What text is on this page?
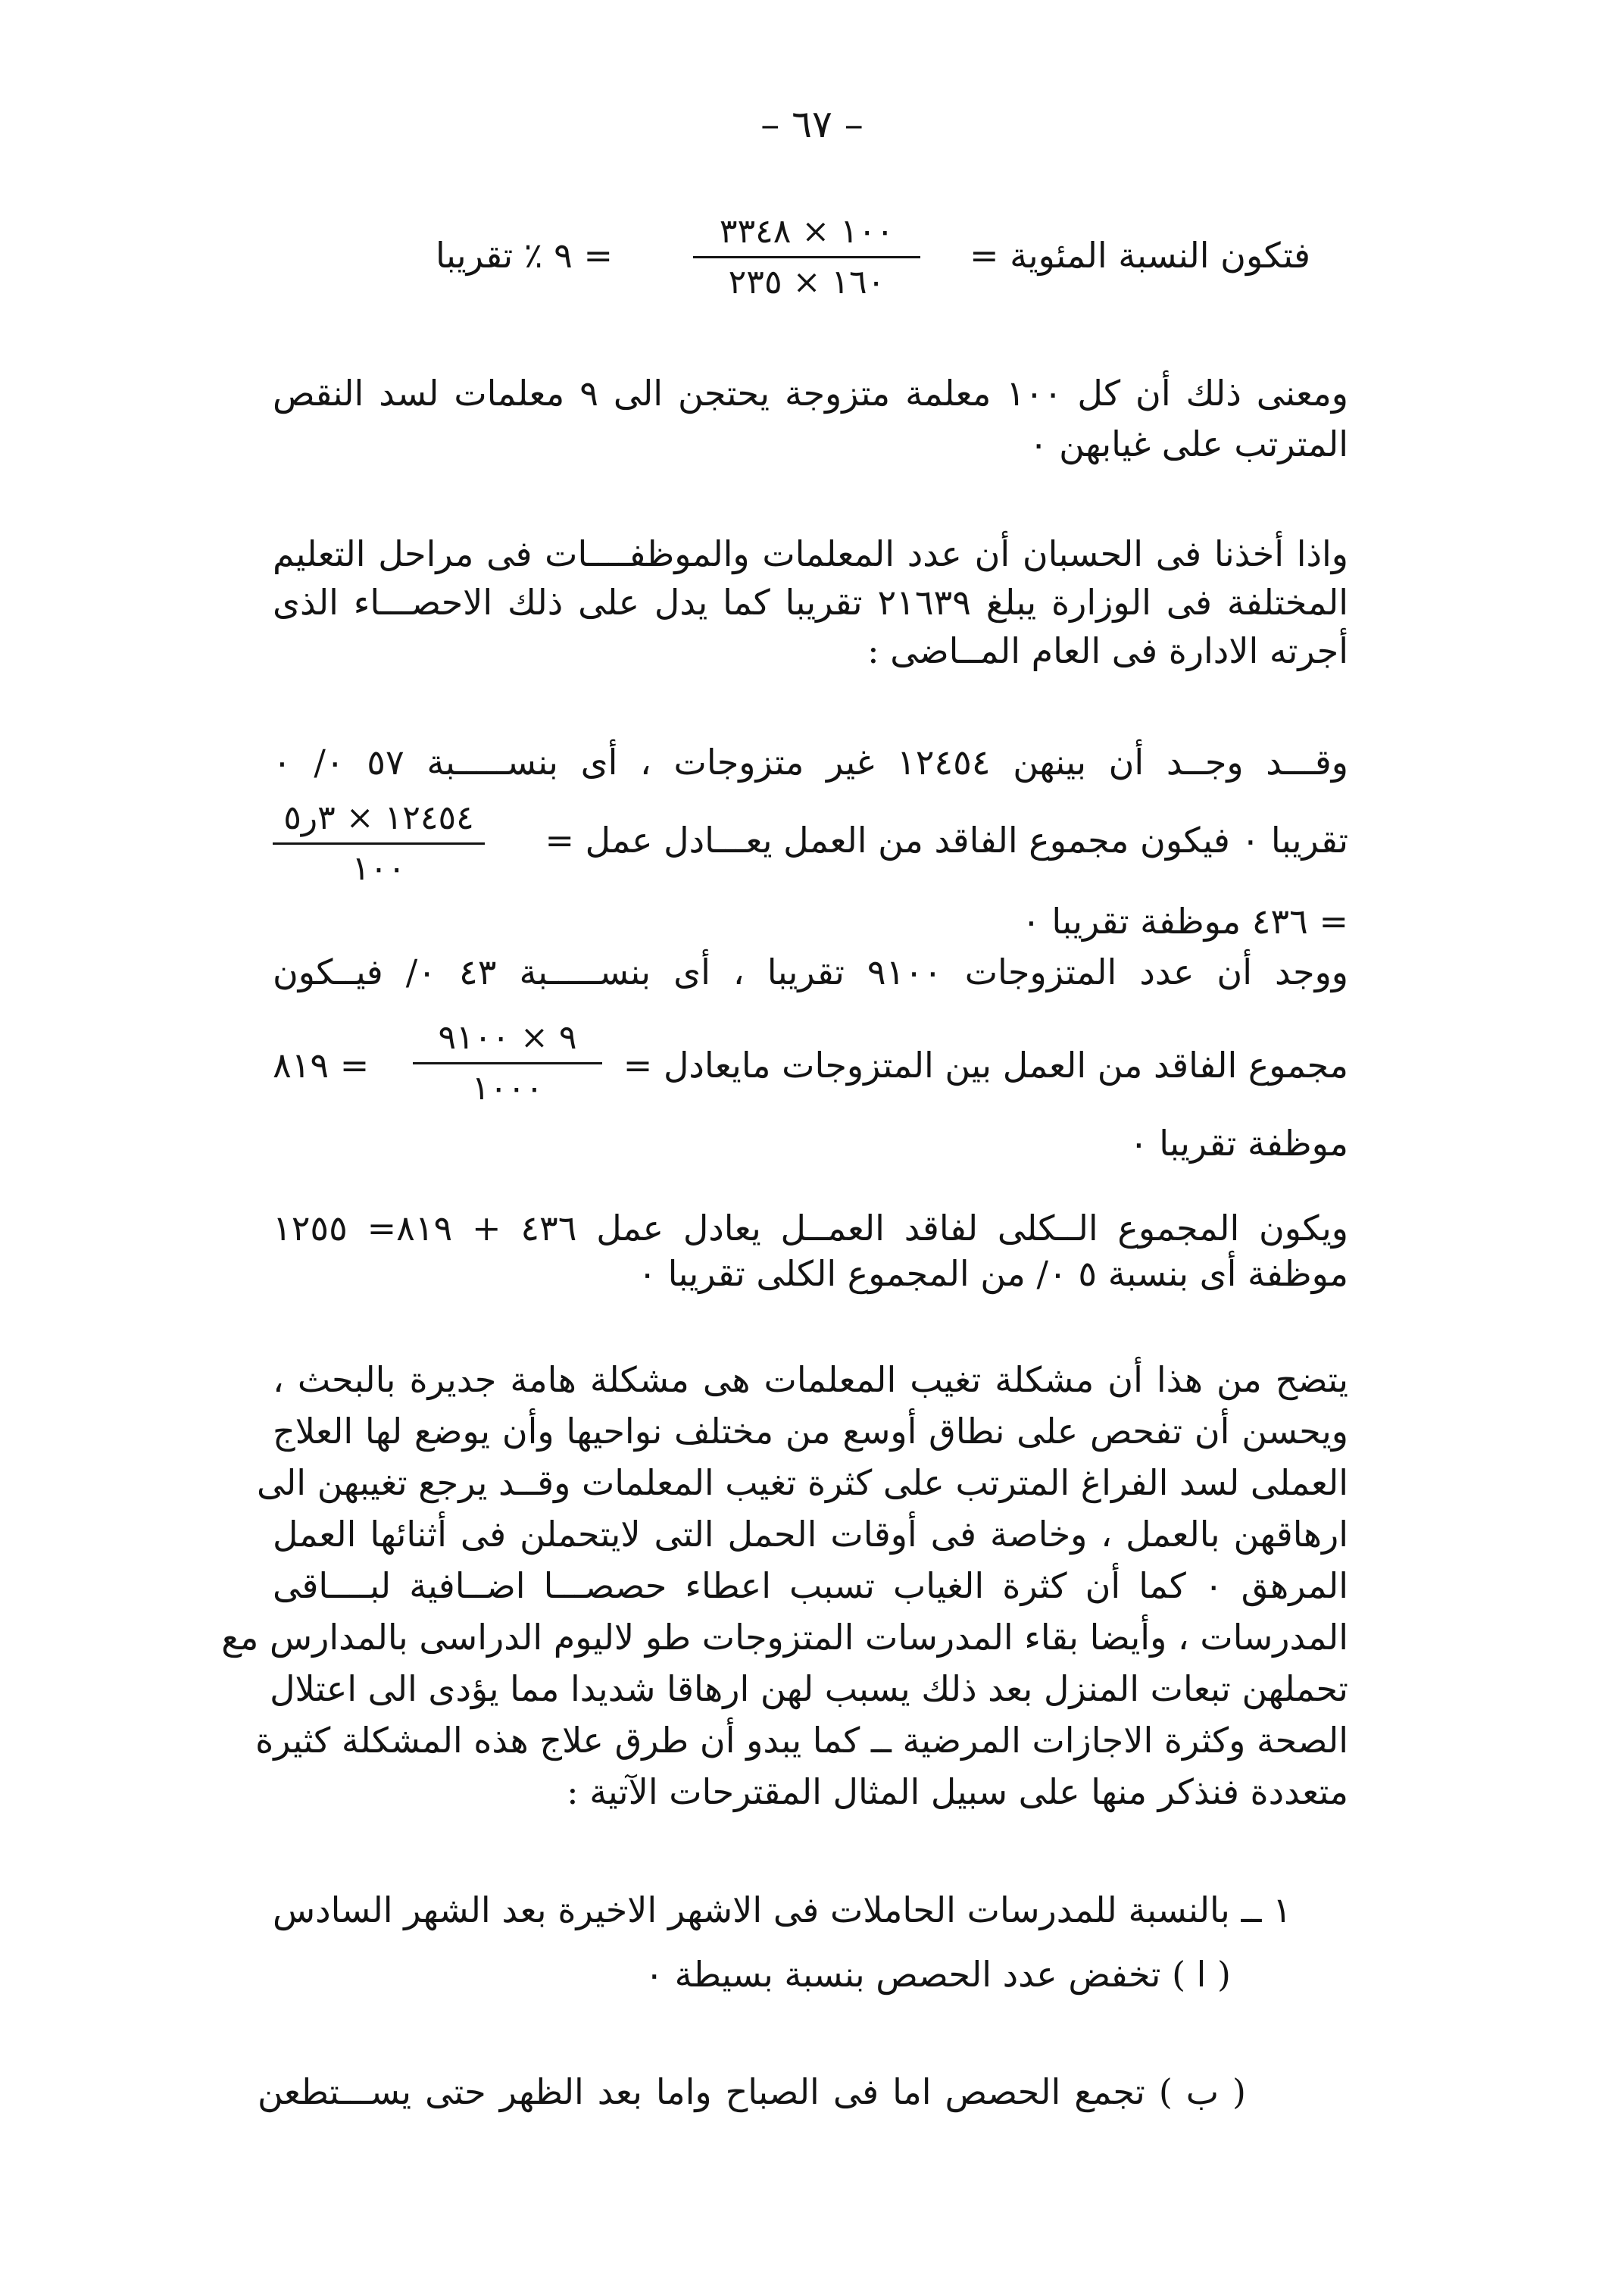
– ٦٧ –
فتكون النسبة المئوية =
١٠٠ × ٣٣٤٨
١٦٠ × ٢٣٥
= ٩ ٪ تقريبا
ومعنى ذلك أن كل ١٠٠ معلمة متزوجة يحتجن الى ٩ معلمات لسد النقص
المترتب على غيابهن ٠
واذا أخذنا فى الحسبان أن عدد المعلمات والموظفــــات فى مراحل التعليم
المختلفة فى الوزارة يبلغ ٢١٦٣٩ تقريبا كما يدل على ذلك الاحصـــاء الذى
أجرته الادارة فى العام المــاضى :
وقـــد وجــد أن بينهن ١٢٤٥٤ غير متزوجات ، أى بنســـــبة ٥٧ ٠/ ٠
تقريبا ٠ فيكون مجموع الفاقد من العمل يعـــادل عمل =
١٢٤٥٤ × ٣ر٥
١٠٠
= ٤٣٦ موظفة تقريبا ٠
ووجد أن عدد المتزوجات ٩١٠٠ تقريبا ، أى بنســـــبة ٤٣ ٠/ فيــكون
مجموع الفاقد من العمل بين المتزوجات مايعادل =
٩ × ٩١٠٠
١٠٠٠
= ٨١٩
موظفة تقريبا ٠
ويكون المجموع الــكلى لفاقد العمــل يعادل عمل ٤٣٦ + ٨١٩= ١٢٥٥
موظفة أى بنسبة ٥ ٠/ من المجموع الكلى تقريبا ٠
يتضح من هذا أن مشكلة تغيب المعلمات هى مشكلة هامة جديرة بالبحث ،
ويحسن أن تفحص على نطاق أوسع من مختلف نواحيها وأن يوضع لها العلاج
العملى لسد الفراغ المترتب على كثرة تغيب المعلمات وقــد يرجع تغيبهن الى
ارهاقهن بالعمل ، وخاصة فى أوقات الحمل التى لايتحملن فى أثنائها العمل
المرهق ٠ كما أن كثرة الغياب تسبب اعطاء حصصـــا اضــافية لبــــاقى
المدرسات ، وأيضا بقاء المدرسات المتزوجات طو لاليوم الدراسى بالمدارس مع
تحملهن تبعات المنزل بعد ذلك يسبب لهن ارهاقا شديدا مما يؤدى الى اعتلال
الصحة وكثرة الاجازات المرضية ــ كما يبدو أن طرق علاج هذه المشكلة كثيرة
متعددة فنذكر منها على سبيل المثال المقترحات الآتية :
١ ــ بالنسبة للمدرسات الحاملات فى الاشهر الاخيرة بعد الشهر السادس
( ا ) تخفض عدد الحصص بنسبة بسيطة ٠
( ب ) تجمع الحصص اما فى الصباح واما بعد الظهر حتى يســـتطعن
